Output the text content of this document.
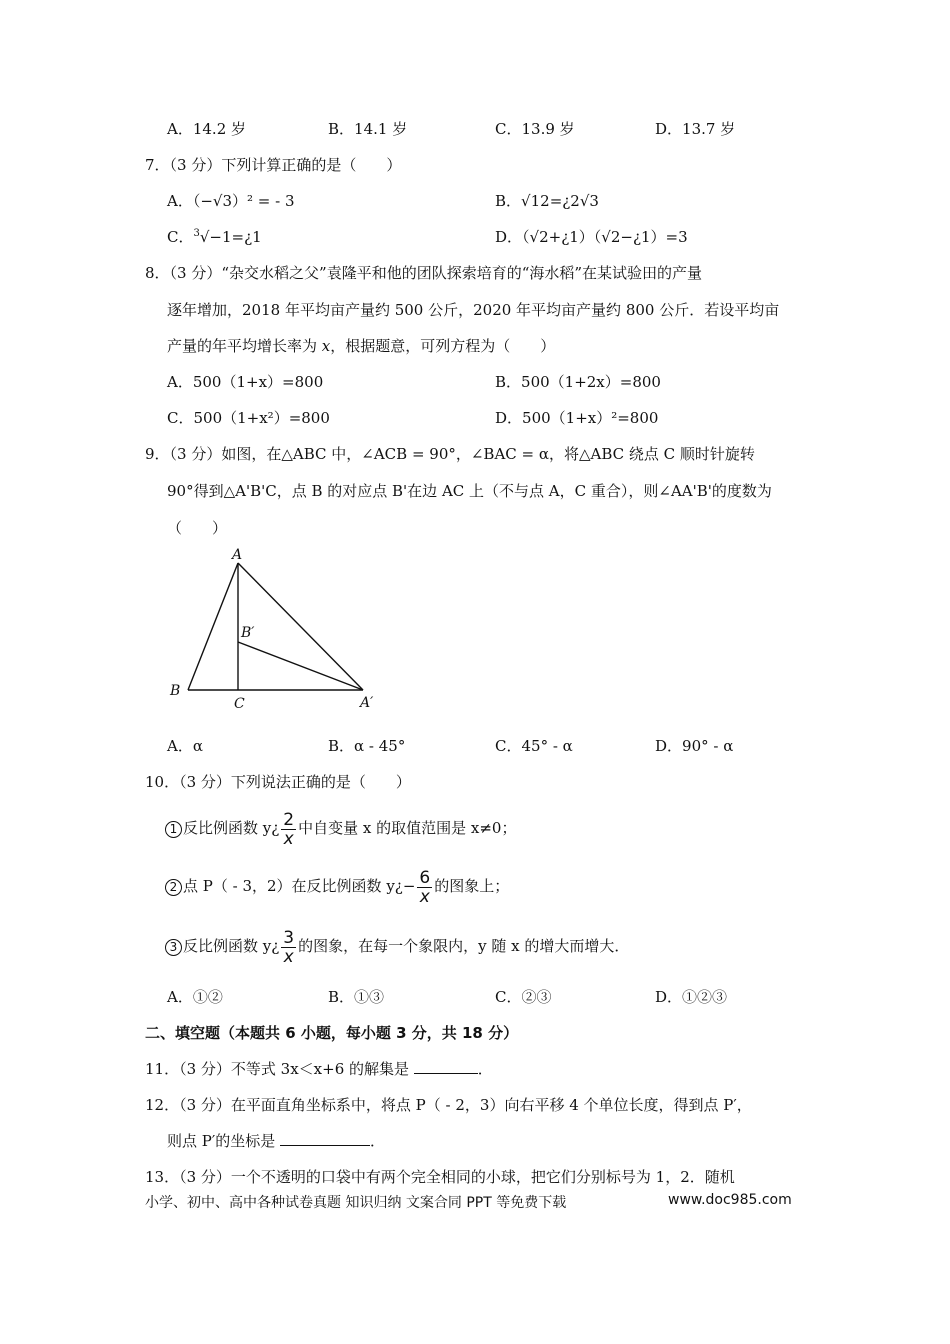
A．14.2 岁	B．14.1 岁	C．13.9 岁	D．13.7 岁
7．（3 分）下列计算正确的是（　　）
A．（−√3）² = ‐ 3	B．√12=¿2√3
C．$^3$√−1=¿1	D．（√2+¿1）（√2−¿1）=3
8．（3 分）“杂交水稻之父”袁隆平和他的团队探索培育的“海水稻”在某试验田的产量
逐年增加，2018 年平均亩产量约 500 公斤，2020 年平均亩产量约 800 公斤．若设平均亩
产量的年平均增长率为 x，根据题意，可列方程为（　　）
A．500（1+x）=800	B．500（1+2x）=800
C．500（1+x²）=800	D．500（1+x）²=800
9．（3 分）如图，在△ABC 中，∠ACB = 90°，∠BAC = α，将△ABC 绕点 C 顺时针旋转
90°得到△A'B'C，点 B 的对应点 B'在边 AC 上（不与点 A，C 重合），则∠AA'B'的度数为
（　　）
A
B
C
B′
A′
A．α	B．α ‐ 45°	C．45° ‐ α	D．90° ‐ α
10．（3 分）下列说法正确的是（　　）
1 反比例函数 y¿ $\frac{2}{x}$ 中自变量 x 的取值范围是 x≠0；
2 点 P（ ‐ 3，2）在反比例函数 y¿− $\frac{6}{x}$ 的图象上；
3 反比例函数 y¿ $\frac{3}{x}$ 的图象，在每一个象限内，y 随 x 的增大而增大．
A．①②	B．①③	C．②③	D．①②③
二、填空题（本题共 6 小题，每小题 3 分，共 18 分）
11．（3 分）不等式 3x＜x+6 的解集是	．
12．（3 分）在平面直角坐标系中，将点 P（ ‐ 2，3）向右平移 4 个单位长度，得到点 P′，
则点 P′的坐标是	．
13．（3 分）一个不透明的口袋中有两个完全相同的小球，把它们分别标号为 1，2．随机
小学、初中、高中各种试卷真题 知识归纳 文案合同 PPT 等免费下载	www.doc985.com
